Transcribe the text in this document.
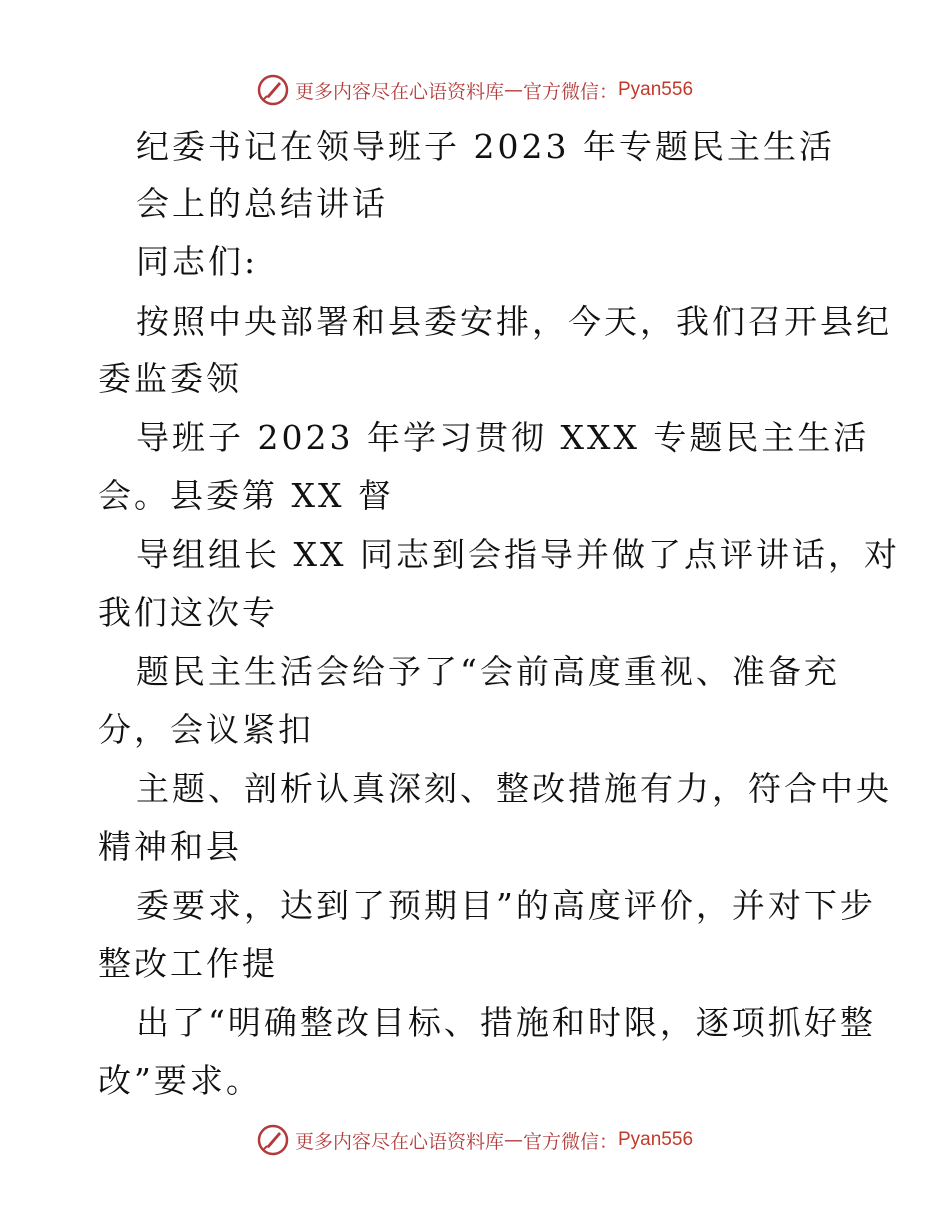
更多内容尽在心语资料库 — 官方微信： Pyan556
纪委书记在领导班子 2023 年专题民主生活
会上的总结讲话
同志们:
按照中央部署和县委安排，今天，我们召开县纪
委监委领
导班子 2023 年学习贯彻 XXX 专题民主生活
会。县委第 XX 督
导组组长 XX 同志到会指导并做了点评讲话，对
我们这次专
题民主生活会给予了“会前高度重视、准备充
分，会议紧扣
主题、剖析认真深刻、整改措施有力，符合中央
精神和县
委要求，达到了预期目”的高度评价，并对下步
整改工作提
出了“明确整改目标、措施和时限，逐项抓好整
改”要求。
更多内容尽在心语资料库 — 官方微信： Pyan556
